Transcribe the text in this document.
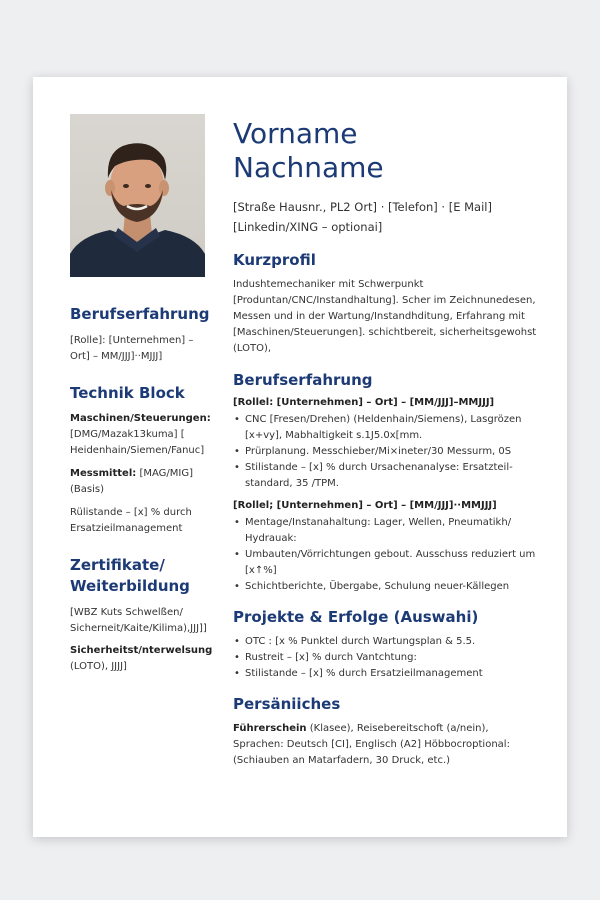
Berufserfahrung
[Rolle]: [Unternehmen] – Ort] – MM/JJJ]··MJJJ]
Technik Block
Maschinen/Steuerungen: [DMG/Mazak13kuma] [ Heidenhain/Siemen/Fanuc]
Messmittel: [MAG/MIG] (Basis)
Rülistande – [x] % durch Ersatzieilmanagement
Zertifikate/ Weiterbildung
[WBZ Kuts Schwelßen/ Sicherneit/Kaite/Kilima),JJJ]]
Sicherheitst/nterwelsung (LOTO), JJJJ]
Vorname
Nachname
[Straße Hausnr., PL2 Ort] · [Telefon] · [E Mail]
[Linkedin/XING – optionai]
Kurzprofil
Indushtemechaniker mit Schwerpunkt [Produntan/CNC/Instandhaltung]. Scher im Zeichnunedesen, Messen und in der Wartung/Instandhditung, Erfahrang mit [Maschinen/Steuerungen]. schichtbereit, sicherheitsgewohst (LOTO),
Berufserfahrung
[Rollel: [Unternehmen] – Ort] – [MM/JJJ]–MMJJJ]
• CNC [Fresen/Drehen) (Heldenhain/Siemens), Lasgrözen [x+vy], Mabhaltigkeit s.1J5.0x[mm.
• Prürplanung. Messchieber/Mi×ineter/30 Messurm, 0S
• Stilistande – [x] % durch Ursachenanalyse: Ersatzteil-standard, 35 /TPM.
[Rollel; [Unternehmen] – Ort] – [MM/JJJ]··MMJJJ]
• Mentage/Instanahaltung: Lager, Wellen, Pneumatikh/ Hydrauak:
• Umbauten/Vörrichtungen gebout. Ausschuss reduziert um [x↑%]
• Schichtberichte, Übergabe, Schulung neuer-Källegen
Projekte & Erfolge (Auswahi)
• OTC : [x % Punktel durch Wartungsplan & 5.5.
• Rustreit – [x] % durch Vantchtung:
• Stilistande – [x] % durch Ersatzieilmanagement
Persäniiches
Führerschein (Klasee), Reisebereitschoft (a/nein), Sprachen: Deutsch [CI], Englisch (A2] Höbbocroptional: (Schiauben an Matarfadern, 30 Druck, etc.)
